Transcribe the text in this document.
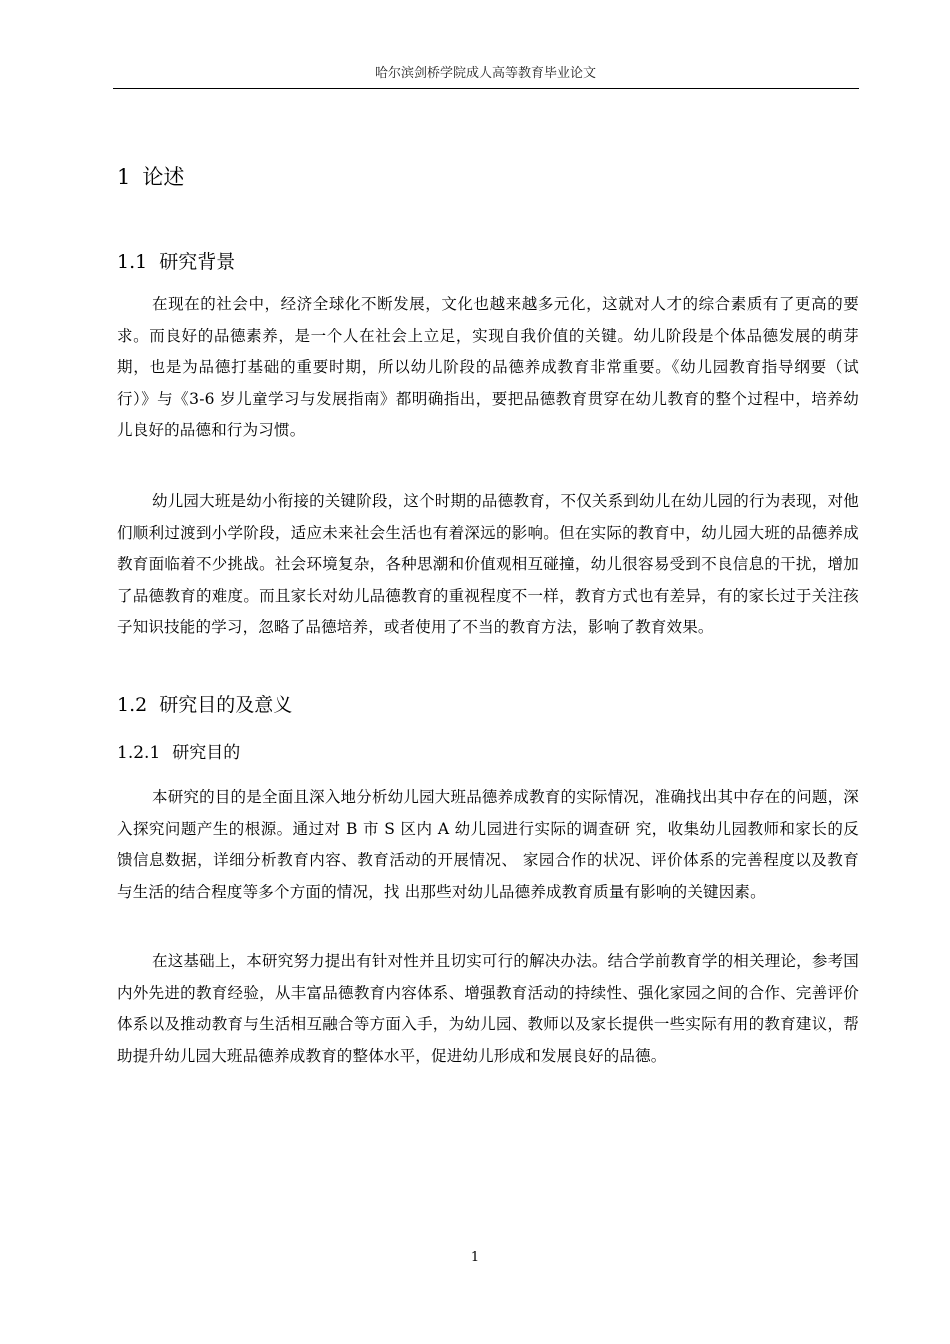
哈尔滨剑桥学院成人高等教育毕业论文
1 论述
1.1 研究背景

在现在的社会中，经济全球化不断发展，文化也越来越多元化，这就对人才的综合素质有了更高的要求。而良好的品德素养，是一个人在社会上立足，实现自我价值的关键。幼儿阶段是个体品德发展的萌芽期，也是为品德打基础的重要时期，所以幼儿阶段的品德养成教育非常重要。《幼儿园教育指导纲要（试行）》与《3-6 岁儿童学习与发展指南》都明确指出，要把品德教育贯穿在幼儿教育的整个过程中，培养幼儿良好的品德和行为习惯。

幼儿园大班是幼小衔接的关键阶段，这个时期的品德教育，不仅关系到幼儿在幼儿园的行为表现，对他们顺利过渡到小学阶段，适应未来社会生活也有着深远的影响。但在实际的教育中，幼儿园大班的品德养成教育面临着不少挑战。社会环境复杂，各种思潮和价值观相互碰撞，幼儿很容易受到不良信息的干扰，增加了品德教育的难度。而且家长对幼儿品德教育的重视程度不一样，教育方式也有差异，有的家长过于关注孩子知识技能的学习，忽略了品德培养，或者使用了不当的教育方法，影响了教育效果。

1.2 研究目的及意义
1.2.1 研究目的

本研究的目的是全面且深入地分析幼儿园大班品德养成教育的实际情况，准确找出其中存在的问题，深入探究问题产生的根源。通过对 B 市 S 区内 A 幼儿园进行实际的调查研 究，收集幼儿园教师和家长的反馈信息数据，详细分析教育内容、教育活动的开展情况、 家园合作的状况、评价体系的完善程度以及教育与生活的结合程度等多个方面的情况，找 出那些对幼儿品德养成教育质量有影响的关键因素。

在这基础上，本研究努力提出有针对性并且切实可行的解决办法。结合学前教育学的相关理论，参考国内外先进的教育经验，从丰富品德教育内容体系、增强教育活动的持续性、强化家园之间的合作、完善评价体系以及推动教育与生活相互融合等方面入手，为幼儿园、教师以及家长提供一些实际有用的教育建议，帮助提升幼儿园大班品德养成教育的整体水平，促进幼儿形成和发展良好的品德。

1
